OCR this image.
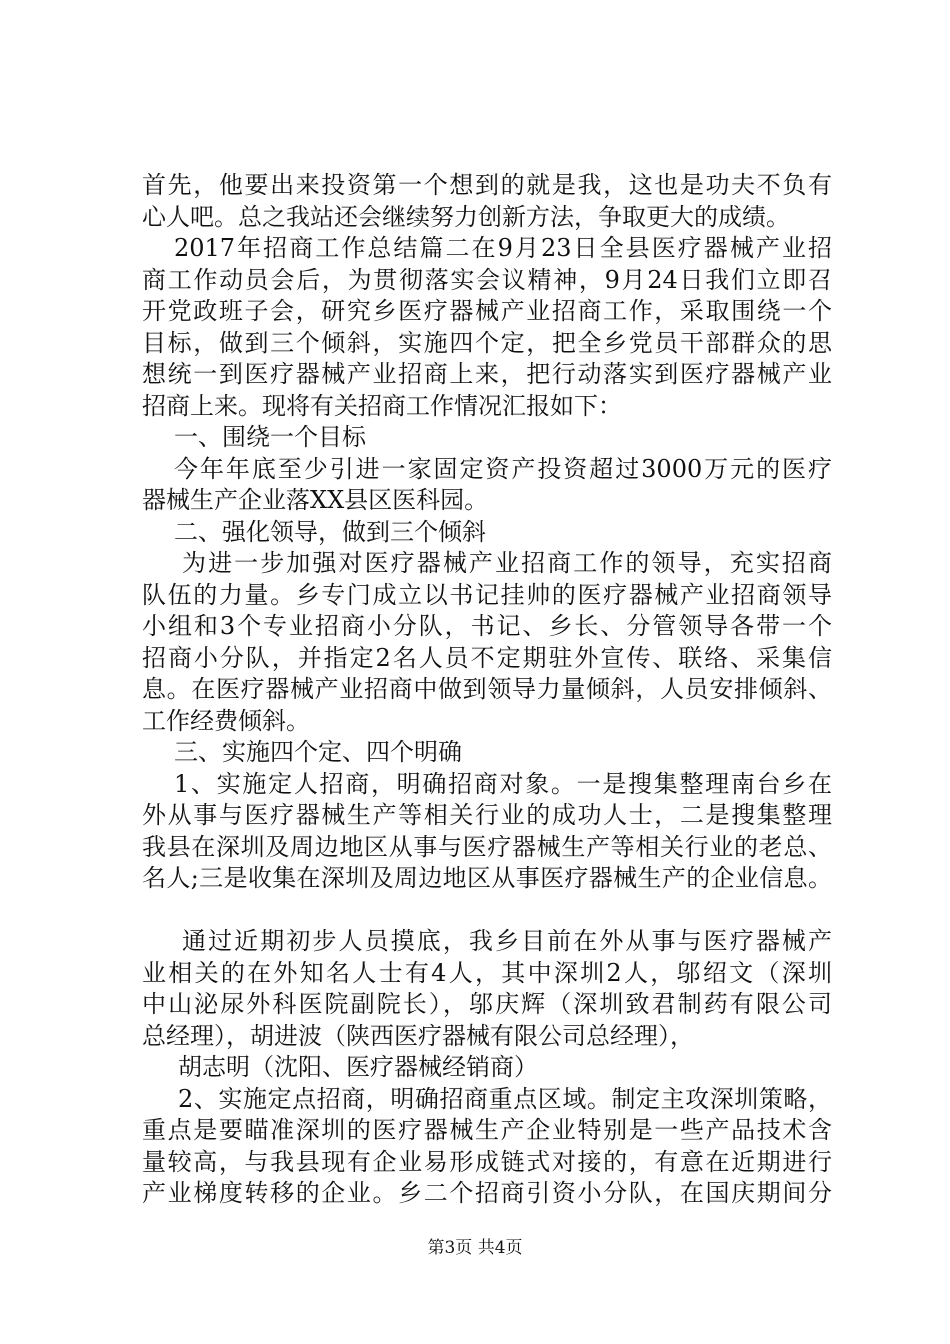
首先，他要出来投资第一个想到的就是我，这也是功夫不负有
心人吧。总之我站还会继续努力创新方法，争取更大的成绩。
2017年招商工作总结篇二在9月23日全县医疗器械产业招
商工作动员会后，为贯彻落实会议精神，9月24日我们立即召
开党政班子会，研究乡医疗器械产业招商工作，采取围绕一个
目标，做到三个倾斜，实施四个定，把全乡党员干部群众的思
想统一到医疗器械产业招商上来，把行动落实到医疗器械产业
招商上来。现将有关招商工作情况汇报如下：
一、围绕一个目标
今年年底至少引进一家固定资产投资超过3000万元的医疗
器械生产企业落XX县区医科园。
二、强化领导，做到三个倾斜
为进一步加强对医疗器械产业招商工作的领导，充实招商
队伍的力量。乡专门成立以书记挂帅的医疗器械产业招商领导
小组和3个专业招商小分队，书记、乡长、分管领导各带一个
招商小分队，并指定2名人员不定期驻外宣传、联络、采集信
息。在医疗器械产业招商中做到领导力量倾斜，人员安排倾斜、
工作经费倾斜。
三、实施四个定、四个明确
1、实施定人招商，明确招商对象。一是搜集整理南台乡在
外从事与医疗器械生产等相关行业的成功人士，二是搜集整理
我县在深圳及周边地区从事与医疗器械生产等相关行业的老总、
名人;三是收集在深圳及周边地区从事医疗器械生产的企业信息。
通过近期初步人员摸底，我乡目前在外从事与医疗器械产
业相关的在外知名人士有4人，其中深圳2人，邬绍文（深圳
中山泌尿外科医院副院长），邬庆辉（深圳致君制药有限公司
总经理），胡进波（陕西医疗器械有限公司总经理），
胡志明（沈阳、医疗器械经销商）
2、实施定点招商，明确招商重点区域。制定主攻深圳策略，
重点是要瞄准深圳的医疗器械生产企业特别是一些产品技术含
量较高，与我县现有企业易形成链式对接的，有意在近期进行
产业梯度转移的企业。乡二个招商引资小分队，在国庆期间分
第3页 共4页
